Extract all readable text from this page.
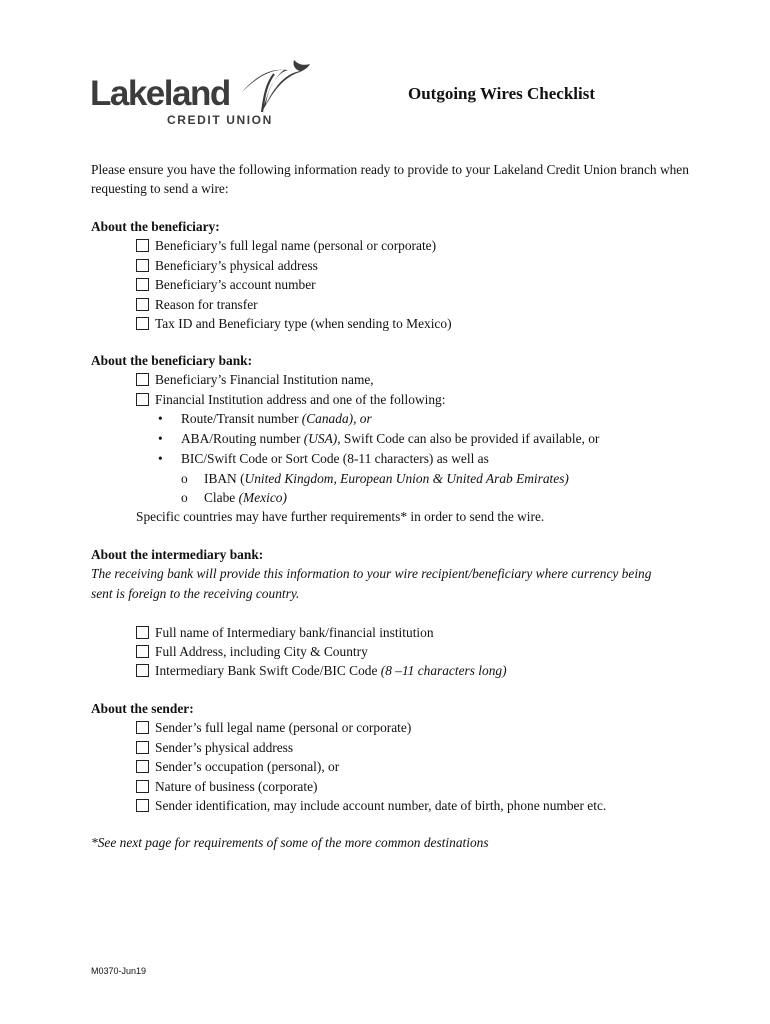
Lakeland
CREDIT UNION
Outgoing Wires Checklist
Please ensure you have the following information ready to provide to your Lakeland Credit Union branch when requesting to send a wire:
About the beneficiary:
Beneficiary’s full legal name (personal or corporate)
Beneficiary’s physical address
Beneficiary’s account number
Reason for transfer
Tax ID and Beneficiary type (when sending to Mexico)
About the beneficiary bank:
Beneficiary’s Financial Institution name,
Financial Institution address and one of the following:
• Route/Transit number (Canada), or
• ABA/Routing number (USA), Swift Code can also be provided if available, or
• BIC/Swift Code or Sort Code (8-11 characters) as well as
o IBAN (United Kingdom, European Union & United Arab Emirates)
o Clabe (Mexico)
Specific countries may have further requirements* in order to send the wire.
About the intermediary bank:
The receiving bank will provide this information to your wire recipient/beneficiary where currency being sent is foreign to the receiving country.
Full name of Intermediary bank/financial institution
Full Address, including City & Country
Intermediary Bank Swift Code/BIC Code (8 –11 characters long)
About the sender:
Sender’s full legal name (personal or corporate)
Sender’s physical address
Sender’s occupation (personal), or
Nature of business (corporate)
Sender identification, may include account number, date of birth, phone number etc.
*See next page for requirements of some of the more common destinations
M0370-Jun19
